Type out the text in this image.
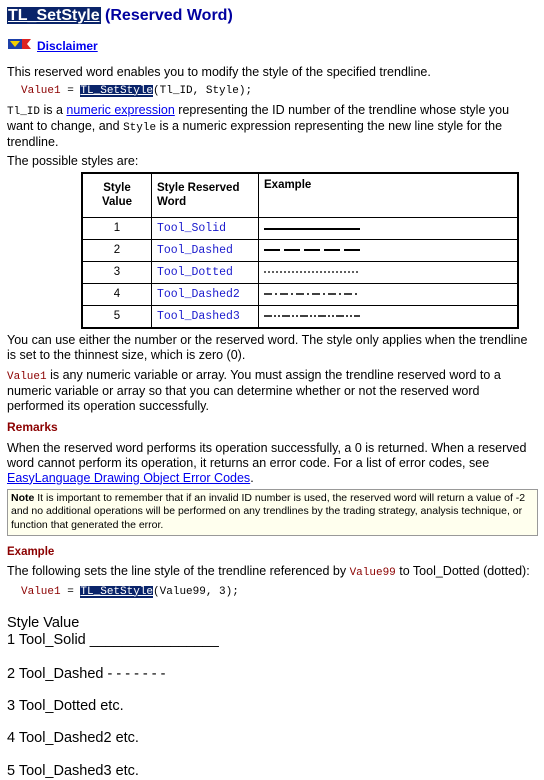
TL_SetStyle (Reserved Word)
Disclaimer

This reserved word enables you to modify the style of the specified trendline.

Value1 = TL_SetStyle(Tl_ID, Style);

Tl_ID is a numeric expression representing the ID number of the trendline whose style you want to change, and Style is a numeric expression representing the new line style for the trendline.

The possible styles are:

Style Value	Style Reserved Word	Example
1	Tool_Solid	

2	Tool_Dashed	
3	Tool_Dotted	
4	Tool_Dashed2	
5	Tool_Dashed3	

You can use either the number or the reserved word. The style only applies when the trendline is set to the thinnest size, which is zero (0).

Value1 is any numeric variable or array. You must assign the trendline reserved word to a numeric variable or array so that you can determine whether or not the reserved word performed its operation successfully.

Remarks

When the reserved word performs its operation successfully, a 0 is returned. When a reserved word cannot perform its operation, it returns an error code. For a list of error codes, see EasyLanguage Drawing Object Error Codes.

Note It is important to remember that if an invalid ID number is used, the reserved word will return a value of -2 and no additional operations will be performed on any trendlines by the trading strategy, analysis technique, or function that generated the error.
Example

The following sets the line style of the trendline referenced by Value99 to Tool_Dotted (dotted):

Value1 = TL_SetStyle(Value99, 3);

Style Value

1 Tool_Solid ________________

2 Tool_Dashed - - - - - - -

3 Tool_Dotted etc.

4 Tool_Dashed2 etc.

5 Tool_Dashed3 etc.
